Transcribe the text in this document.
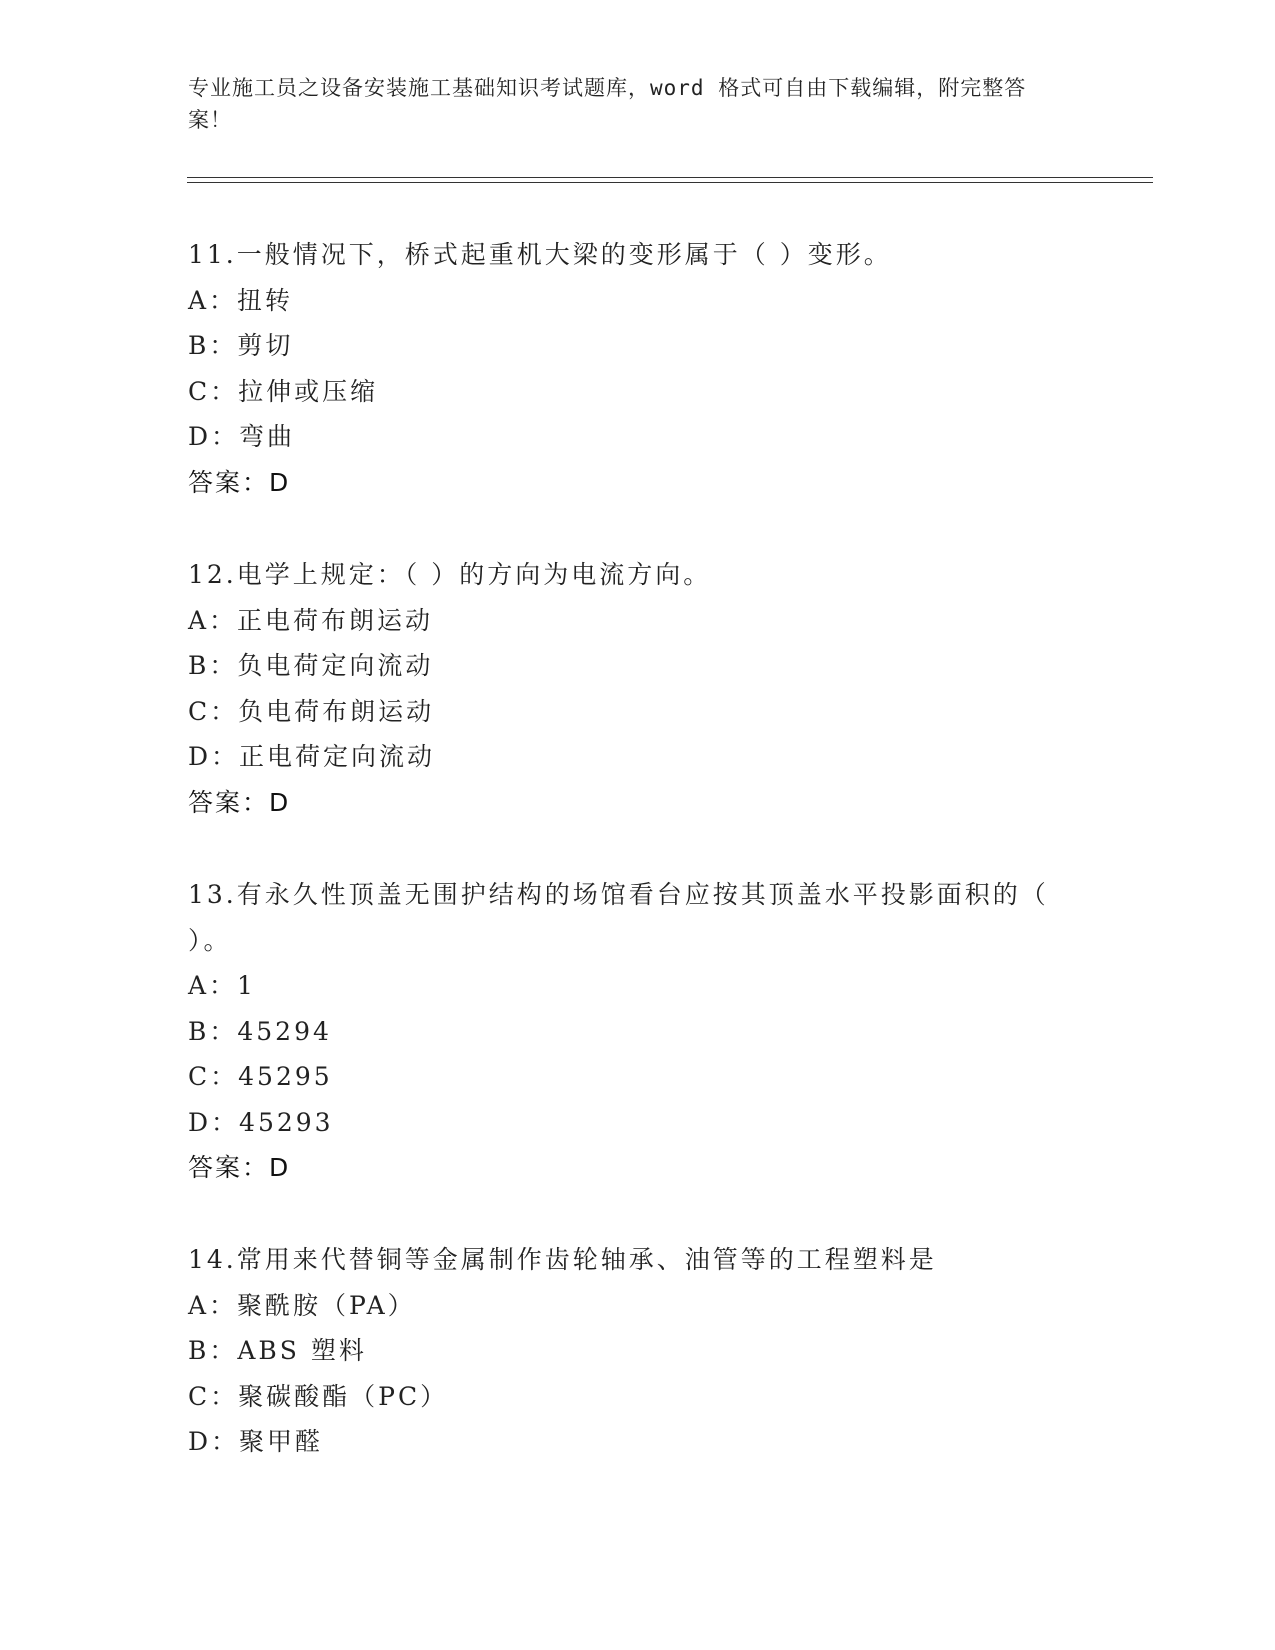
专业施工员之设备安装施工基础知识考试题库，word 格式可自由下载编辑，附完整答案！
11.一般情况下，桥式起重机大梁的变形属于（ ）变形。
A：扭转
B：剪切
C：拉伸或压缩
D：弯曲
答案：D
12.电学上规定：（ ）的方向为电流方向。
A：正电荷布朗运动
B：负电荷定向流动
C：负电荷布朗运动
D：正电荷定向流动
答案：D
13.有永久性顶盖无围护结构的场馆看台应按其顶盖水平投影面积的（ ）。
A：1
B：45294
C：45295
D：45293
答案：D
14.常用来代替铜等金属制作齿轮轴承、油管等的工程塑料是
A：聚酰胺（PA）
B：ABS 塑料
C：聚碳酸酯（PC）
D：聚甲醛
